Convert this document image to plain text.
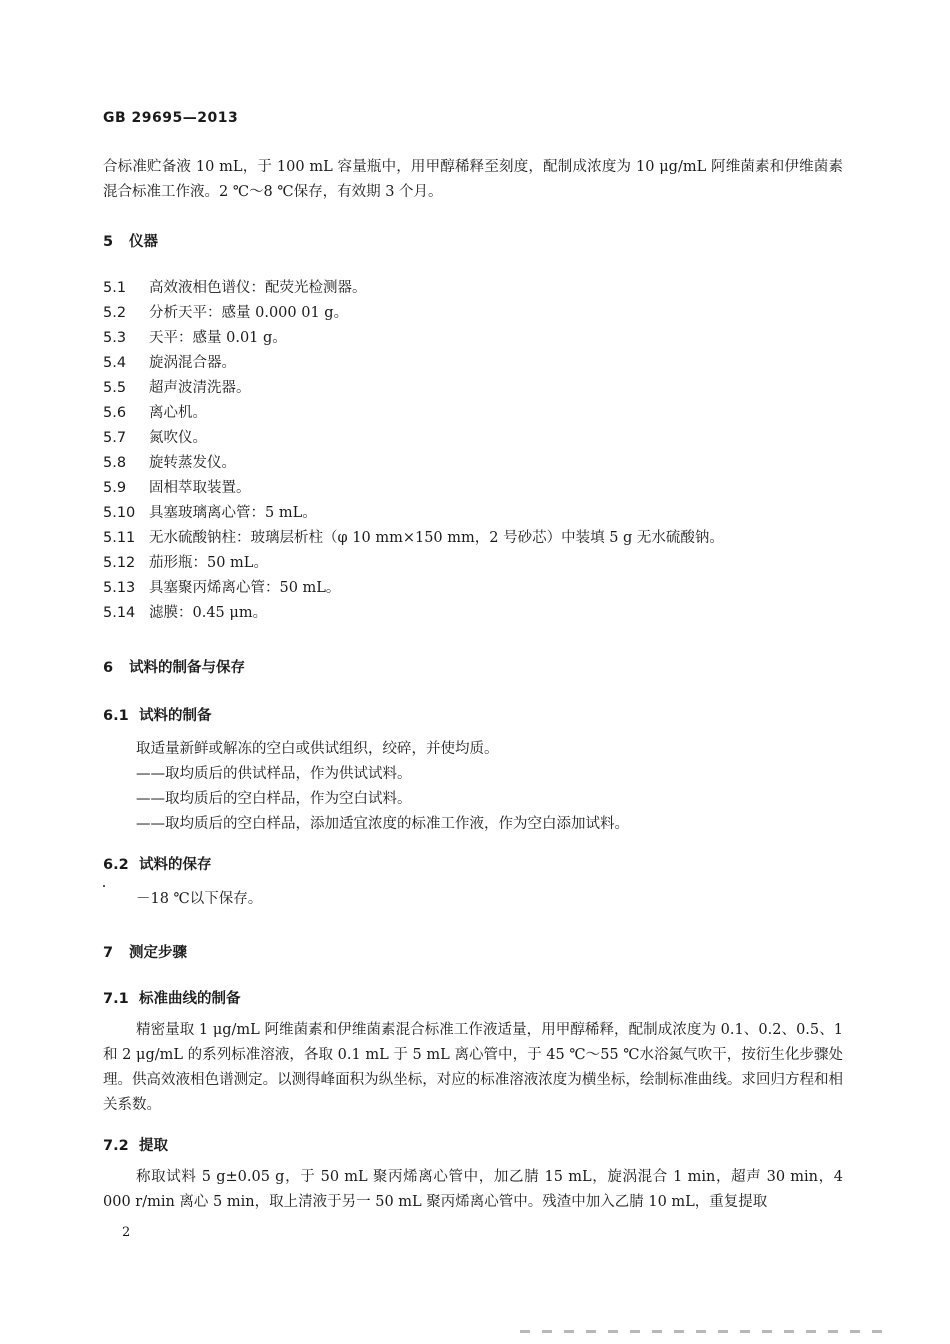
GB 29695—2013
合标准贮备液 10 mL，于 100 mL 容量瓶中，用甲醇稀释至刻度，配制成浓度为 10 μg/mL 阿维菌素和伊维菌素混合标准工作液。2 ℃～8 ℃保存，有效期 3 个月。
5 仪器
5.1 高效液相色谱仪：配荧光检测器。
5.2 分析天平：感量 0.000 01 g。
5.3 天平：感量 0.01 g。
5.4 旋涡混合器。
5.5 超声波清洗器。
5.6 离心机。
5.7 氮吹仪。
5.8 旋转蒸发仪。
5.9 固相萃取装置。
5.10 具塞玻璃离心管：5 mL。
5.11 无水硫酸钠柱：玻璃层析柱（φ 10 mm×150 mm，2 号砂芯）中装填 5 g 无水硫酸钠。
5.12 茄形瓶：50 mL。
5.13 具塞聚丙烯离心管：50 mL。
5.14 滤膜：0.45 μm。
6 试料的制备与保存
6.1 试料的制备
取适量新鲜或解冻的空白或供试组织，绞碎，并使均质。
——取均质后的供试样品，作为供试试料。
——取均质后的空白样品，作为空白试料。
——取均质后的空白样品，添加适宜浓度的标准工作液，作为空白添加试料。
6.2 试料的保存
－18 ℃以下保存。
7 测定步骤
7.1 标准曲线的制备
精密量取 1 μg/mL 阿维菌素和伊维菌素混合标准工作液适量，用甲醇稀释，配制成浓度为 0.1、0.2、0.5、1 和 2 μg/mL 的系列标准溶液，各取 0.1 mL 于 5 mL 离心管中，于 45 ℃～55 ℃水浴氮气吹干，按衍生化步骤处理。供高效液相色谱测定。以测得峰面积为纵坐标，对应的标准溶液浓度为横坐标，绘制标准曲线。求回归方程和相关系数。
7.2 提取
称取试料 5 g±0.05 g，于 50 mL 聚丙烯离心管中，加乙腈 15 mL，旋涡混合 1 min，超声 30 min，4 000 r/min 离心 5 min，取上清液于另一 50 mL 聚丙烯离心管中。残渣中加入乙腈 10 mL，重复提取
2
